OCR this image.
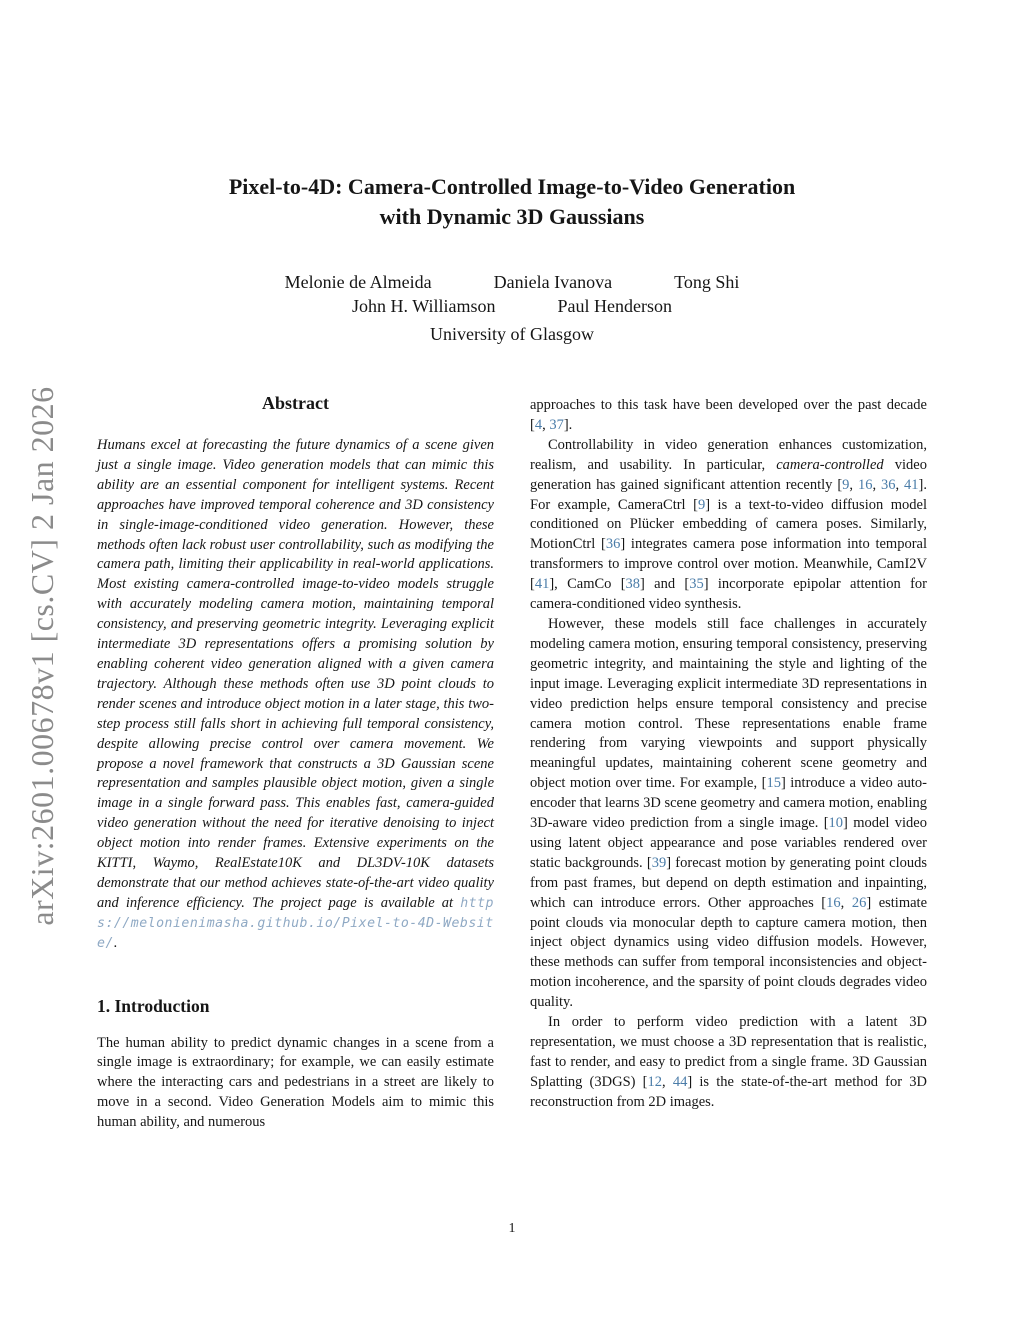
arXiv:2601.00678v1 [cs.CV] 2 Jan 2026
Pixel-to-4D: Camera-Controlled Image-to-Video Generation
with Dynamic 3D Gaussians
Melonie de Almeida	Daniela Ivanova	Tong Shi
John H. Williamson	Paul Henderson
University of Glasgow
Abstract

Humans excel at forecasting the future dynamics of a scene given just a single image. Video generation models that can mimic this ability are an essential component for intelligent systems. Recent approaches have improved temporal coherence and 3D consistency in single-image-conditioned video generation. However, these methods often lack robust user controllability, such as modifying the camera path, limiting their applicability in real-world applications. Most existing camera-controlled image-to-video models struggle with accurately modeling camera motion, maintaining temporal consistency, and preserving geometric integrity. Leveraging explicit intermediate 3D representations offers a promising solution by enabling coherent video generation aligned with a given camera trajectory. Although these methods often use 3D point clouds to render scenes and introduce object motion in a later stage, this two-step process still falls short in achieving full temporal consistency, despite allowing precise control over camera movement. We propose a novel framework that constructs a 3D Gaussian scene representation and samples plausible object motion, given a single image in a single forward pass. This enables fast, camera-guided video generation without the need for iterative denoising to inject object motion into render frames. Extensive experiments on the KITTI, Waymo, RealEstate10K and DL3DV-10K datasets demonstrate that our method achieves state-of-the-art video quality and inference efficiency. The project page is available at https://melonienimasha.github.io/Pixel-to-4D-Website/.

1. Introduction

The human ability to predict dynamic changes in a scene from a single image is extraordinary; for example, we can easily estimate where the interacting cars and pedestrians in a street are likely to move in a second. Video Generation Models aim to mimic this human ability, and numerous

approaches to this task have been developed over the past decade [4, 37].

Controllability in video generation enhances customization, realism, and usability. In particular, camera-controlled video generation has gained significant attention recently [9, 16, 36, 41]. For example, CameraCtrl [9] is a text-to-video diffusion model conditioned on Plücker embedding of camera poses. Similarly, MotionCtrl [36] integrates camera pose information into temporal transformers to improve control over motion. Meanwhile, CamI2V [41], CamCo [38] and [35] incorporate epipolar attention for camera-conditioned video synthesis.

However, these models still face challenges in accurately modeling camera motion, ensuring temporal consistency, preserving geometric integrity, and maintaining the style and lighting of the input image. Leveraging explicit intermediate 3D representations in video prediction helps ensure temporal consistency and precise camera motion control. These representations enable frame rendering from varying viewpoints and support physically meaningful updates, maintaining coherent scene geometry and object motion over time. For example, [15] introduce a video auto-encoder that learns 3D scene geometry and camera motion, enabling 3D-aware video prediction from a single image. [10] model video using latent object appearance and pose variables rendered over static backgrounds. [39] forecast motion by generating point clouds from past frames, but depend on depth estimation and inpainting, which can introduce errors. Other approaches [16, 26] estimate point clouds via monocular depth to capture camera motion, then inject object dynamics using video diffusion models. However, these methods can suffer from temporal inconsistencies and object-motion incoherence, and the sparsity of point clouds degrades video quality.

In order to perform video prediction with a latent 3D representation, we must choose a 3D representation that is realistic, fast to render, and easy to predict from a single frame. 3D Gaussian Splatting (3DGS) [12, 44] is the state-of-the-art method for 3D reconstruction from 2D images.

1
